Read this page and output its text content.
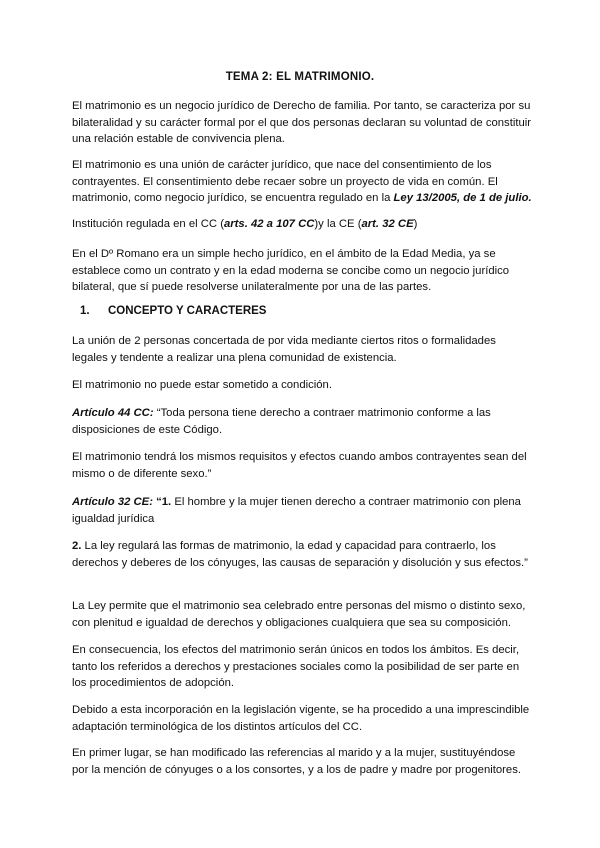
TEMA 2: EL MATRIMONIO.

El matrimonio es un negocio jurídico de Derecho de familia. Por tanto, se caracteriza por su bilateralidad y su carácter formal por el que dos personas declaran su voluntad de constituir una relación estable de convivencia plena.

El matrimonio es una unión de carácter jurídico, que nace del consentimiento de los contrayentes. El consentimiento debe recaer sobre un proyecto de vida en común. El matrimonio, como negocio jurídico, se encuentra regulado en la Ley 13/2005, de 1 de julio.

Institución regulada en el CC (arts. 42 a 107 CC)y la CE (art. 32 CE)

En el Dº Romano era un simple hecho jurídico, en el ámbito de la Edad Media, ya se establece como un contrato y en la edad moderna se concibe como un negocio jurídico bilateral, que sí puede resolverse unilateralmente por una de las partes.

1. CONCEPTO Y CARACTERES

La unión de 2 personas concertada de por vida mediante ciertos ritos o formalidades legales y tendente a realizar una plena comunidad de existencia.

El matrimonio no puede estar sometido a condición.

Artículo 44 CC: “Toda persona tiene derecho a contraer matrimonio conforme a las disposiciones de este Código.

El matrimonio tendrá los mismos requisitos y efectos cuando ambos contrayentes sean del mismo o de diferente sexo.”

Artículo 32 CE: “1. El hombre y la mujer tienen derecho a contraer matrimonio con plena igualdad jurídica

2. La ley regulará las formas de matrimonio, la edad y capacidad para contraerlo, los derechos y deberes de los cónyuges, las causas de separación y disolución y sus efectos.”

La Ley permite que el matrimonio sea celebrado entre personas del mismo o distinto sexo, con plenitud e igualdad de derechos y obligaciones cualquiera que sea su composición.

En consecuencia, los efectos del matrimonio serán únicos en todos los ámbitos. Es decir, tanto los referidos a derechos y prestaciones sociales como la posibilidad de ser parte en los procedimientos de adopción.

Debido a esta incorporación en la legislación vigente, se ha procedido a una imprescindible adaptación terminológica de los distintos artículos del CC.

En primer lugar, se han modificado las referencias al marido y a la mujer, sustituyéndose por la mención de cónyuges o a los consortes, y a los de padre y madre por progenitores.
